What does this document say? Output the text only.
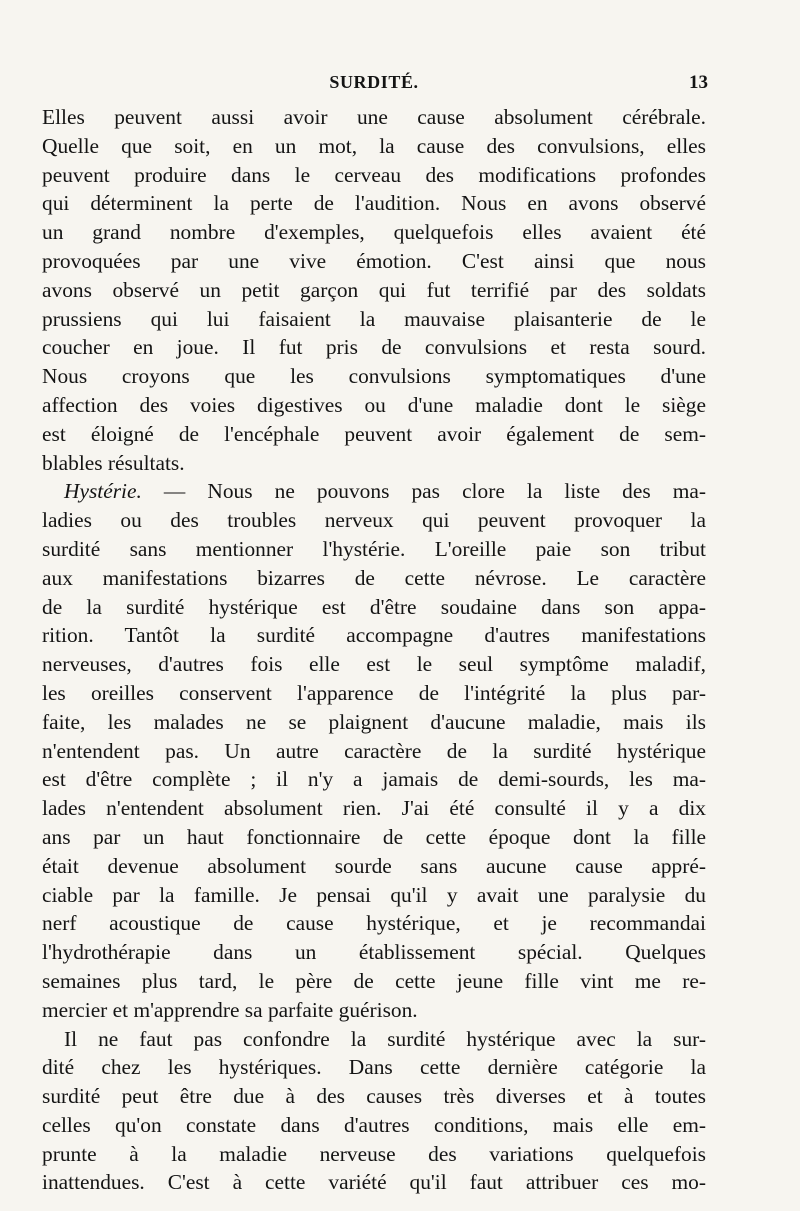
SURDITÉ.	13
Elles peuvent aussi avoir une cause absolument cérébrale.
Quelle que soit, en un mot, la cause des convulsions, elles
peuvent produire dans le cerveau des modifications profondes
qui déterminent la perte de l'audition. Nous en avons observé
un grand nombre d'exemples, quelquefois elles avaient été
provoquées par une vive émotion. C'est ainsi que nous
avons observé un petit garçon qui fut terrifié par des soldats
prussiens qui lui faisaient la mauvaise plaisanterie de le
coucher en joue. Il fut pris de convulsions et resta sourd.
Nous croyons que les convulsions symptomatiques d'une
affection des voies digestives ou d'une maladie dont le siège
est éloigné de l'encéphale peuvent avoir également de sem-
blables résultats.
Hystérie. — Nous ne pouvons pas clore la liste des ma-
ladies ou des troubles nerveux qui peuvent provoquer la
surdité sans mentionner l'hystérie. L'oreille paie son tribut
aux manifestations bizarres de cette névrose. Le caractère
de la surdité hystérique est d'être soudaine dans son appa-
rition. Tantôt la surdité accompagne d'autres manifestations
nerveuses, d'autres fois elle est le seul symptôme maladif,
les oreilles conservent l'apparence de l'intégrité la plus par-
faite, les malades ne se plaignent d'aucune maladie, mais ils
n'entendent pas. Un autre caractère de la surdité hystérique
est d'être complète ; il n'y a jamais de demi-sourds, les ma-
lades n'entendent absolument rien. J'ai été consulté il y a dix
ans par un haut fonctionnaire de cette époque dont la fille
était devenue absolument sourde sans aucune cause appré-
ciable par la famille. Je pensai qu'il y avait une paralysie du
nerf acoustique de cause hystérique, et je recommandai
l'hydrothérapie dans un établissement spécial. Quelques
semaines plus tard, le père de cette jeune fille vint me re-
mercier et m'apprendre sa parfaite guérison.
Il ne faut pas confondre la surdité hystérique avec la sur-
dité chez les hystériques. Dans cette dernière catégorie la
surdité peut être due à des causes très diverses et à toutes
celles qu'on constate dans d'autres conditions, mais elle em-
prunte à la maladie nerveuse des variations quelquefois
inattendues. C'est à cette variété qu'il faut attribuer ces mo-
